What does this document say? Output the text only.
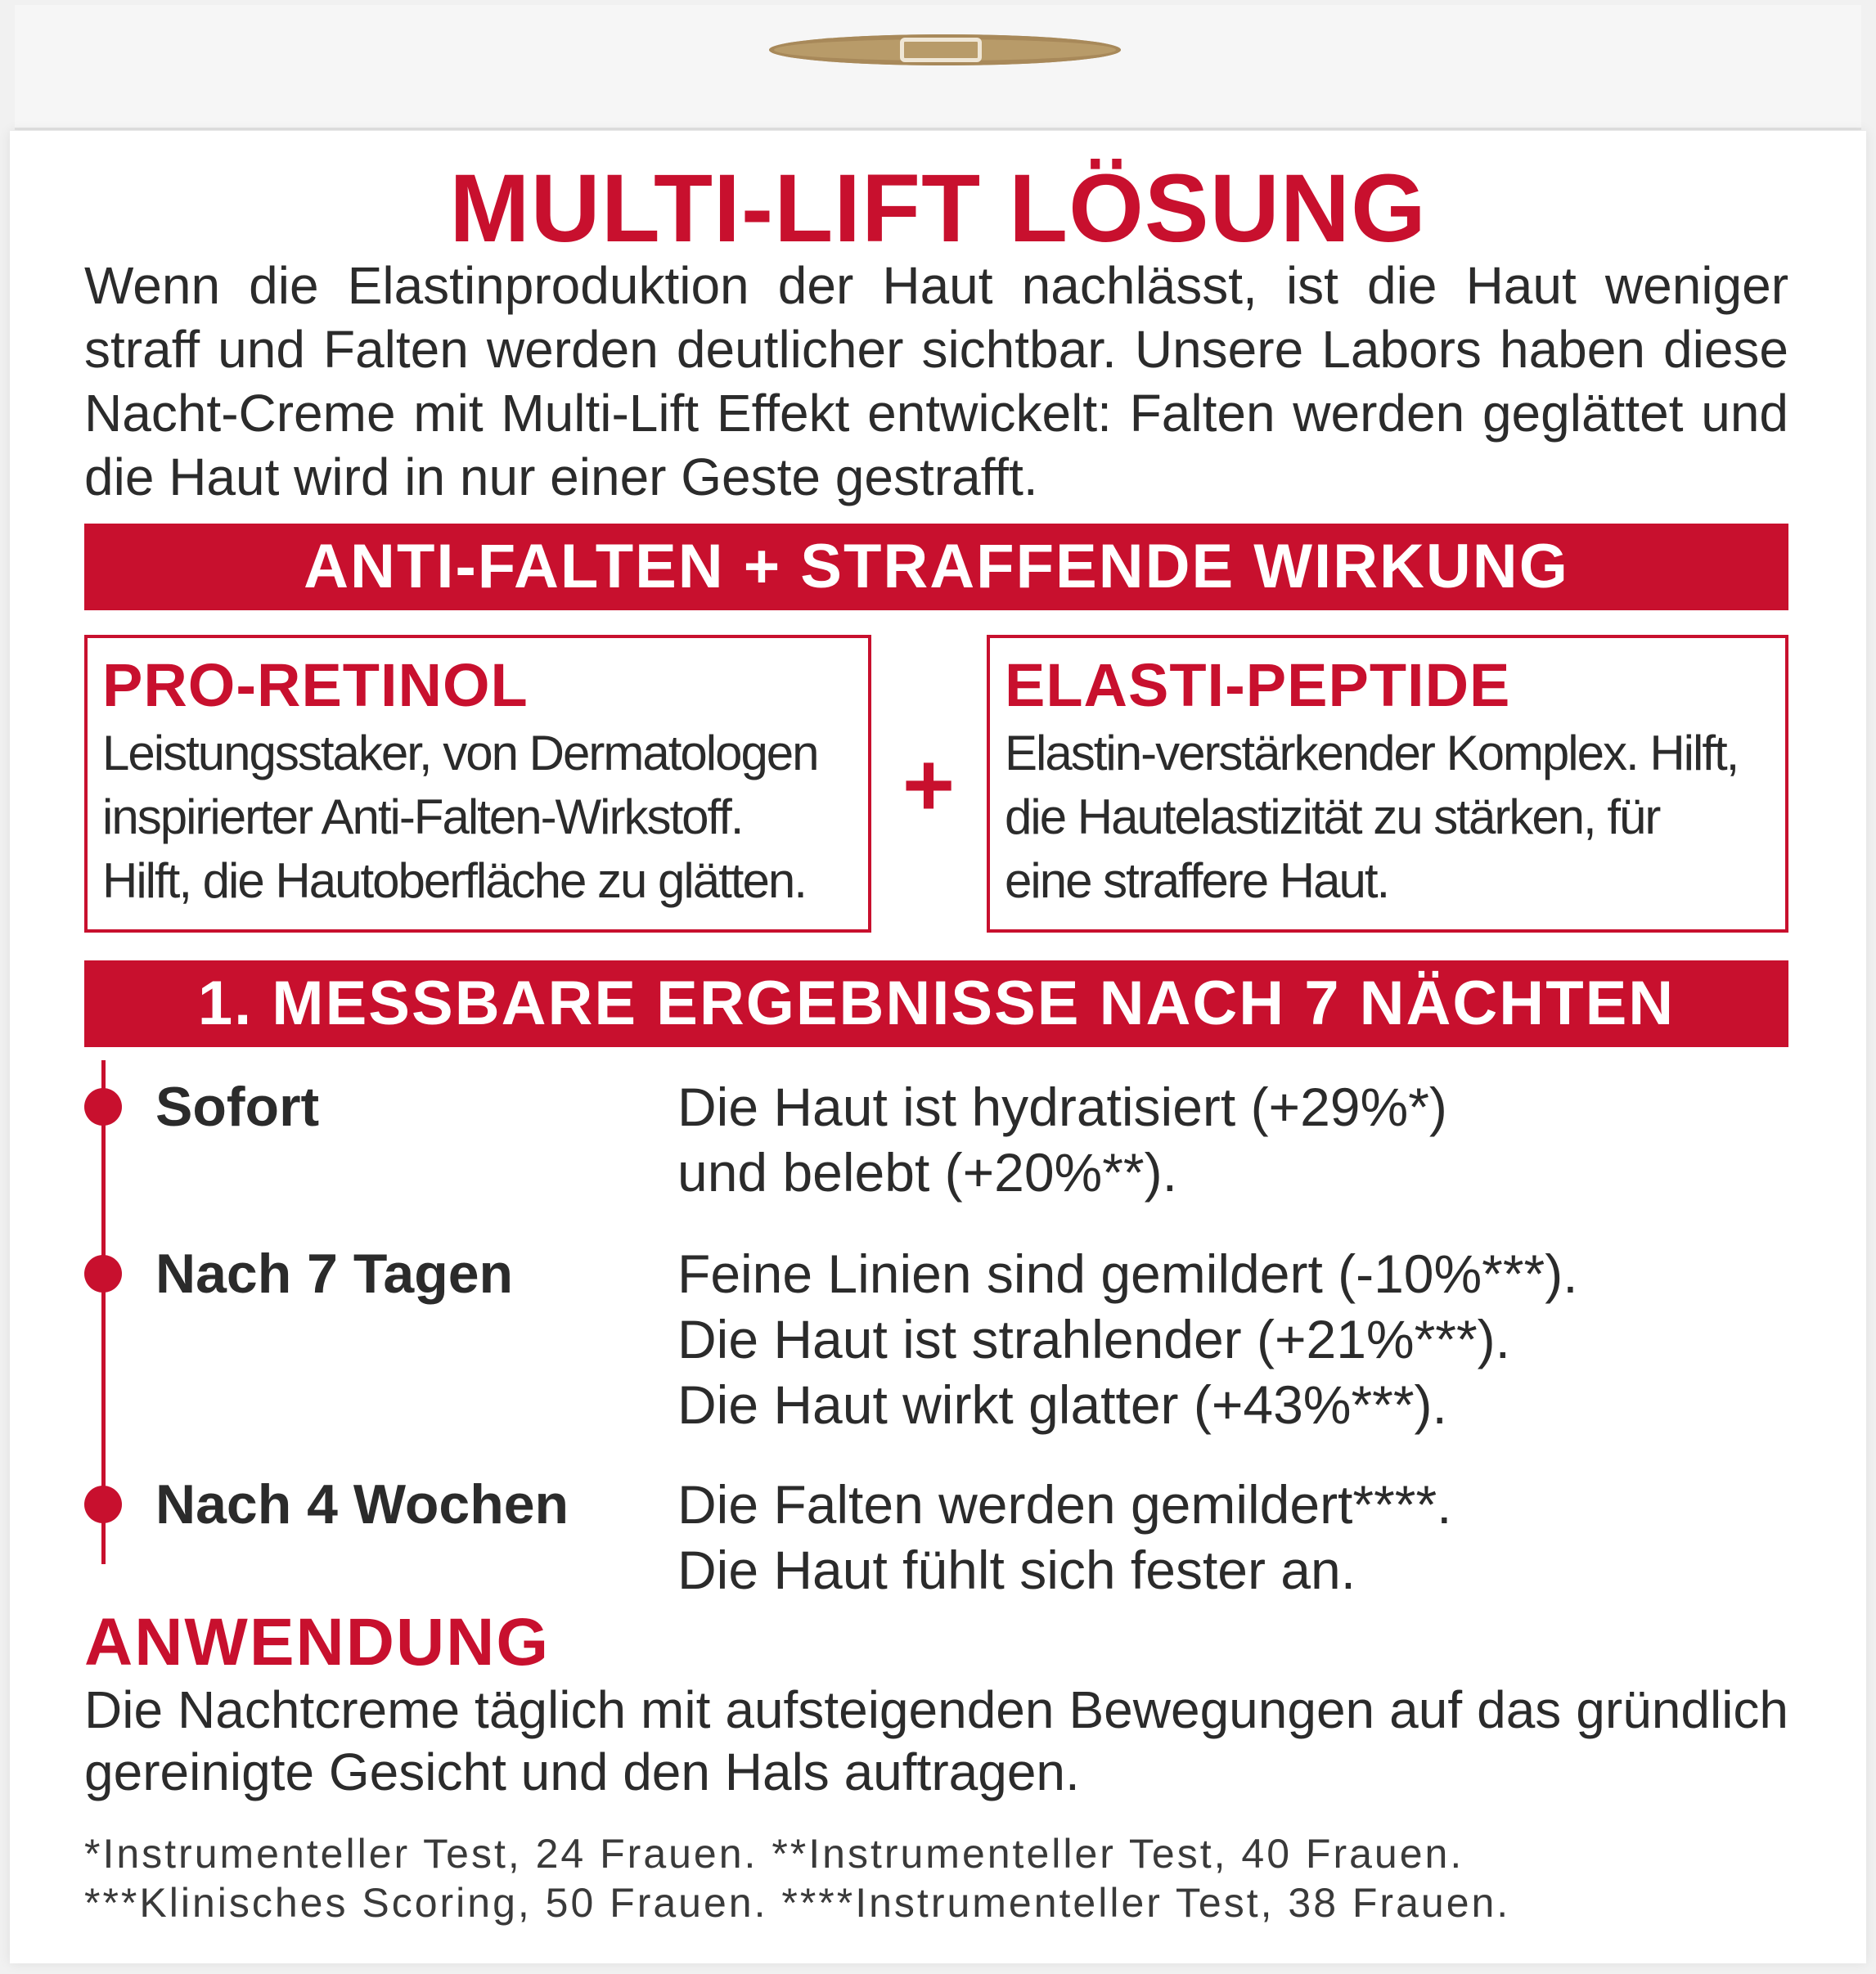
MULTI-LIFT LÖSUNG
Wenn die Elastinproduktion der Haut nachlässt, ist die Haut weniger straff und Falten werden deutlicher sichtbar. Unsere Labors haben diese Nacht-Creme mit Multi-Lift Effekt entwickelt: Falten werden geglättet und die Haut wird in nur einer Geste gestrafft.
ANTI-FALTEN + STRAFFENDE WIRKUNG
PRO-RETINOL
Leistungsstaker, von Dermatologen
inspirierter Anti-Falten-Wirkstoff.
Hilft, die Hautoberfläche zu glätten.
+
ELASTI-PEPTIDE
Elastin-verstärkender Komplex. Hilft,
die Hautelastizität zu stärken, für
eine straffere Haut.
1. MESSBARE ERGEBNISSE NACH 7 NÄCHTEN
Sofort	Die Haut ist hydratisiert (+29%*)
und belebt (+20%**).
Nach 7 Tagen	Feine Linien sind gemildert (-10%***).
Die Haut ist strahlender (+21%***).
Die Haut wirkt glatter (+43%***).
Nach 4 Wochen Die Falten werden gemildert****.
Die Haut fühlt sich fester an.
ANWENDUNG
Die Nachtcreme täglich mit aufsteigenden Bewegungen auf das gründlich gereinigte Gesicht und den Hals auftragen.
*Instrumenteller Test, 24 Frauen. **Instrumenteller Test, 40 Frauen.
***Klinisches Scoring, 50 Frauen. ****Instrumenteller Test, 38 Frauen.
